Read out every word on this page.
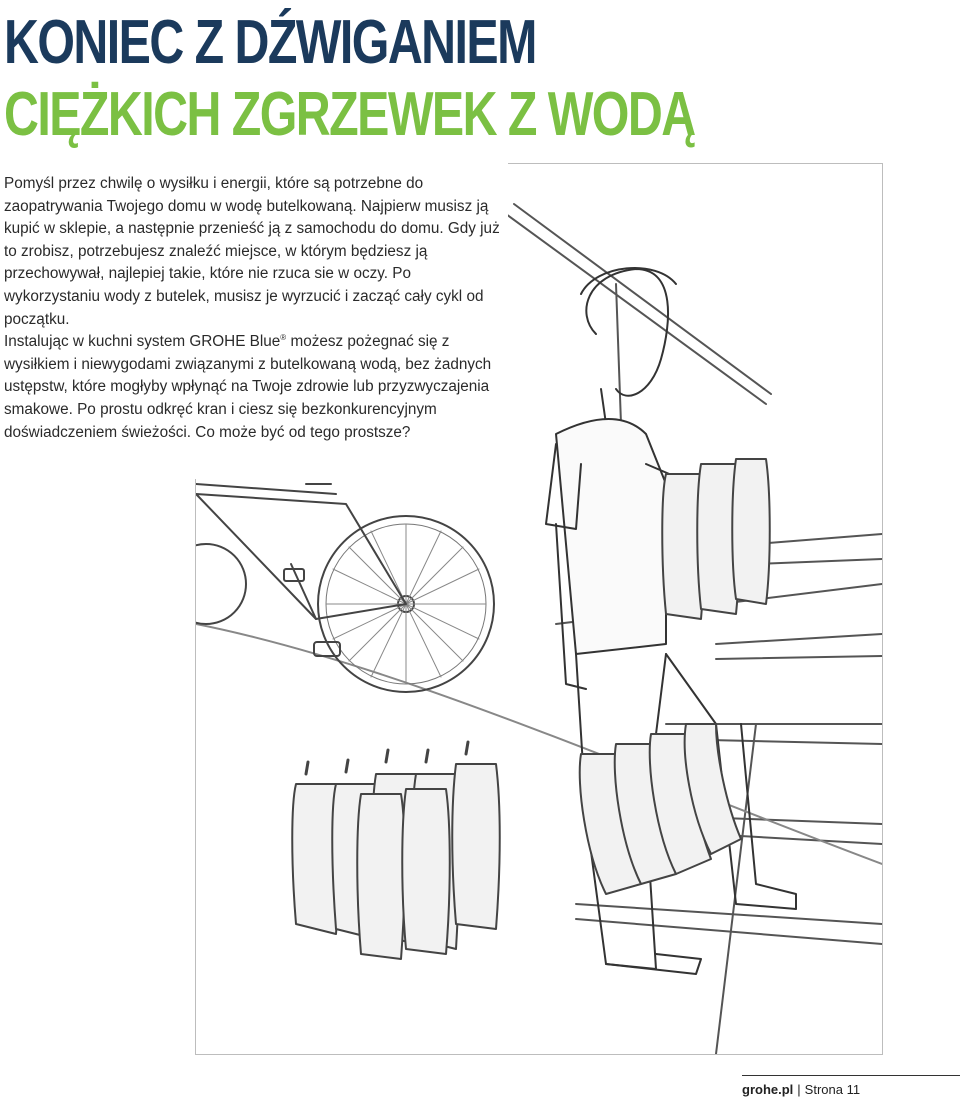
KONIEC Z DŹWIGANIEM
CIĘŻKICH ZGRZEWEK Z WODĄ

Pomyśl przez chwilę o wysiłku i energii, które są potrzebne do zaopatrywania Twojego domu w wodę butelkowaną. Najpierw musisz ją kupić w sklepie, a następnie przenieść ją z samochodu do domu. Gdy już to zrobisz, potrzebujesz znaleźć miejsce, w którym będziesz ją przechowywał, najlepiej takie, które nie rzuca sie w oczy. Po wykorzystaniu wody z butelek, musisz je wyrzucić i zacząć cały cykl od początku.

Instalując w kuchni system GROHE Blue® możesz pożegnać się z wysiłkiem i niewygodami związanymi z butelkowaną wodą, bez żadnych ustępstw, które mogłyby wpłynąć na Twoje zdrowie lub przyzwyczajenia smakowe. Po prostu odkręć kran i ciesz się bezkonkurencyjnym doświadczeniem świeżości. Co może być od tego prostsze?

grohe.pl | Strona 11
